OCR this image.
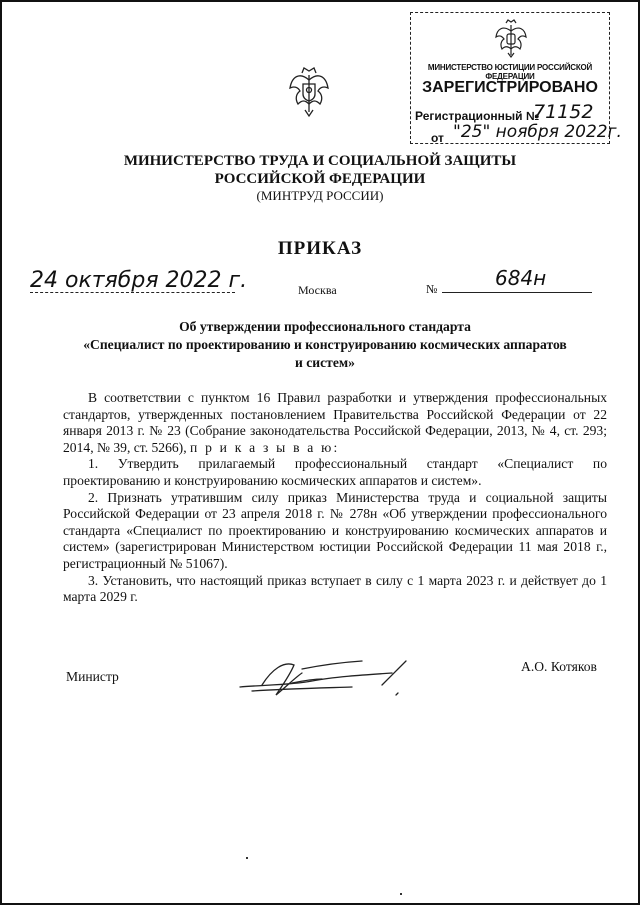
МИНИСТЕРСТВО ЮСТИЦИИ РОССИЙСКОЙ ФЕДЕРАЦИИ
ЗАРЕГИСТРИРОВАНО
Регистрационный №
71152
от "25" ноября 2022г.
МИНИСТЕРСТВО ТРУДА И СОЦИАЛЬНОЙ ЗАЩИТЫ
РОССИЙСКОЙ ФЕДЕРАЦИИ
(МИНТРУД РОССИИ)
ПРИКАЗ
24 октября 2022 г.	Москва	№	684н
Об утверждении профессионального стандарта
«Специалист по проектированию и конструированию космических аппаратов
и систем»

В соответствии с пунктом 16 Правил разработки и утверждения профессиональных стандартов, утвержденных постановлением Правительства Российской Федерации от 22 января 2013 г. № 23 (Собрание законодательства Российской Федерации, 2013, № 4, ст. 293; 2014, № 39, ст. 5266), п р и к а з ы в а ю:

1. Утвердить прилагаемый профессиональный стандарт «Специалист по проектированию и конструированию космических аппаратов и систем».

2. Признать утратившим силу приказ Министерства труда и социальной защиты Российской Федерации от 23 апреля 2018 г. № 278н «Об утверждении профессионального стандарта «Специалист по проектированию и конструированию космических аппаратов и систем» (зарегистрирован Министерством юстиции Российской Федерации 11 мая 2018 г., регистрационный № 51067).

3. Установить, что настоящий приказ вступает в силу с 1 марта 2023 г. и действует до 1 марта 2029 г.

Министр
А.О. Котяков
